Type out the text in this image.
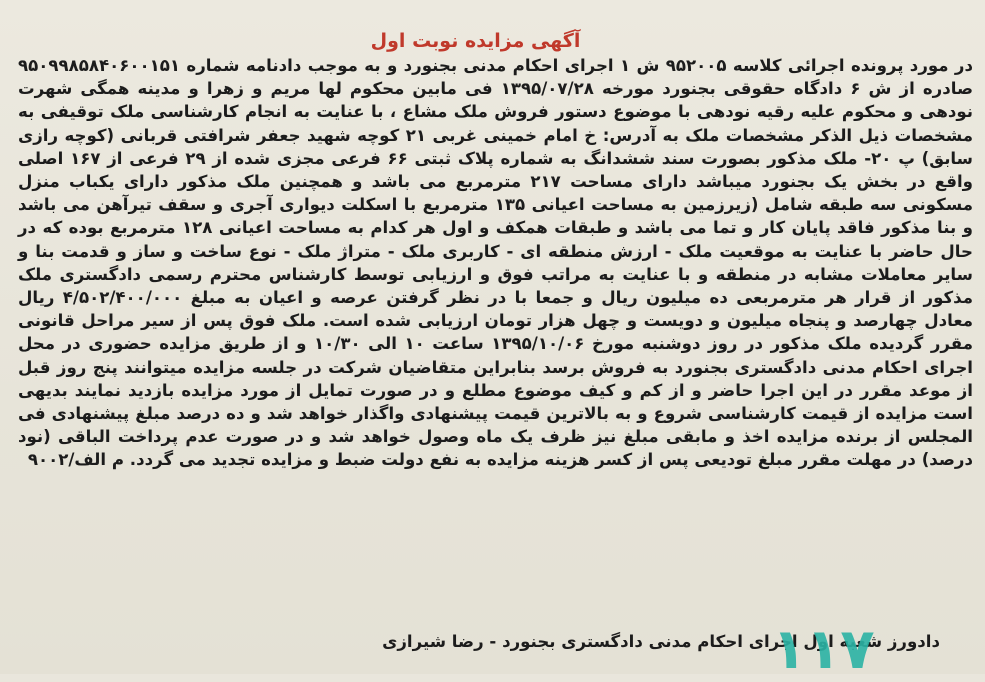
آگهی مزایده نوبت اول

در مورد پرونده اجرائی کلاسه ۹۵۲۰۰۵ ش ۱ اجرای احکام مدنی بجنورد و به موجب دادنامه شماره ۹۵۰۹۹۸۵۸۴۰۶۰۰۱۵۱ صادره از ش ۶ دادگاه حقوقی بجنورد مورخه ۱۳۹۵/۰۷/۲۸ فی مابین محکوم لها مریم و زهرا و مدینه همگی شهرت نودهی و محکوم علیه رقیه نودهی با موضوع دستور فروش ملک مشاع ، با عنایت به انجام کارشناسی ملک توقیفی به مشخصات ذیل الذکر مشخصات ملک به آدرس: خ امام خمینی غربی ۲۱ کوچه شهید جعفر شرافتی قربانی (کوچه رازی سابق) پ ۲۰- ملک مذکور بصورت سند ششدانگ به شماره پلاک ثبتی ۶۶ فرعی مجزی شده از ۲۹ فرعی از ۱۶۷ اصلی واقع در بخش یک بجنورد میباشد دارای مساحت ۲۱۷ مترمربع می باشد و همچنین ملک مذکور دارای یکباب منزل مسکونی سه طبقه شامل (زیرزمین به مساحت اعیانی ۱۳۵ مترمربع با اسکلت دیواری آجری و سقف تیرآهن می باشد و بنا مذکور فاقد پایان کار و تما می باشد و طبقات همکف و اول هر کدام به مساحت اعیانی ۱۲۸ مترمربع بوده که در حال حاضر با عنایت به موقعیت ملک - ارزش منطقه ای - کاربری ملک - متراژ ملک - نوع ساخت و ساز و قدمت بنا و سایر معاملات مشابه در منطقه و با عنایت به مراتب فوق و ارزیابی توسط کارشناس محترم رسمی دادگستری ملک مذکور از قرار هر مترمربعی ده میلیون ریال و جمعا با در نظر گرفتن عرصه و اعیان به مبلغ ۴/۵۰۲/۴۰۰/۰۰۰ ریال معادل چهارصد و پنجاه میلیون و دویست و چهل هزار تومان ارزیابی شده است. ملک فوق پس از سیر مراحل قانونی مقرر گردیده ملک مذکور در روز دوشنبه مورخ ۱۳۹۵/۱۰/۰۶ ساعت ۱۰ الی ۱۰/۳۰ و از طریق مزایده حضوری در محل اجرای احکام مدنی دادگستری بجنورد به فروش برسد بنابراین متقاضیان شرکت در جلسه مزایده میتوانند پنج روز قبل از موعد مقرر در این اجرا حاضر و از کم و کیف موضوع مطلع و در صورت تمایل از مورد مزایده بازدید نمایند بدیهی است مزایده از قیمت کارشناسی شروع و به بالاترین قیمت پیشنهادی واگذار خواهد شد و ده درصد مبلغ پیشنهادی فی المجلس از برنده مزایده اخذ و مابقی مبلغ نیز ظرف یک ماه وصول خواهد شد و در صورت عدم پرداخت الباقی (نود درصد) در مهلت مقرر مبلغ تودیعی پس از کسر هزینه مزایده به نفع دولت ضبط و مزایده تجدید می گردد. م الف/۹۰۰۲

دادورز شعبه اول اجرای احکام مدنی دادگستری بجنورد - رضا شیرازی
۱۱۷
